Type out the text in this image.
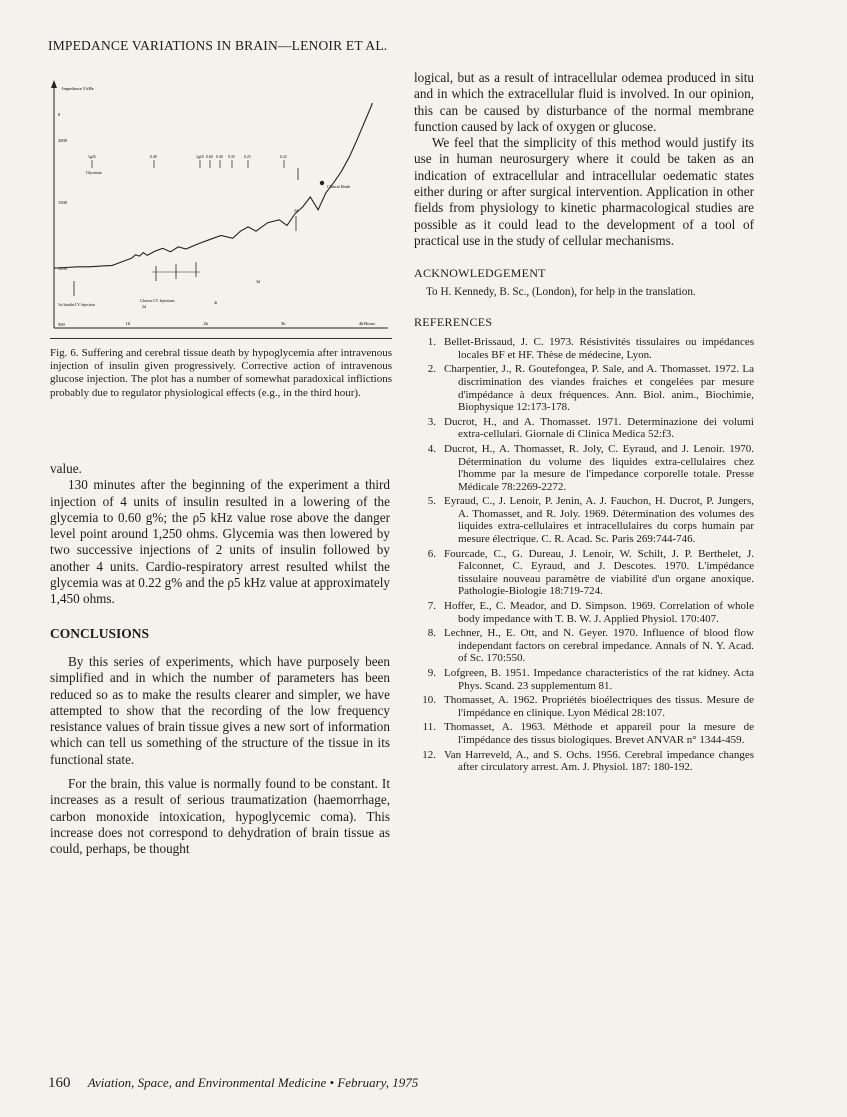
IMPEDANCE VARIATIONS IN BRAIN—LENOIR ET AL.
Impedance 5 kHz
0
2000
1500
1000
500	1h	2h	3h	4h Hours
Glycemia
1g45	0.40	1g20 0.60 0.40 0.35 0.25	0.22
Clinical Death
1st Insulin I.V. Injection
Glucose I.V. Injections
2d
3d
4t
2d
Fig. 6. Suffering and cerebral tissue death by hypoglycemia after intravenous injection of insulin given progressively. Corrective action of intravenous glucose injection. The plot has a number of somewhat paradoxical inflictions probably due to regulator physiological effects (e.g., in the third hour).

value.

130 minutes after the beginning of the experiment a third injection of 4 units of insulin resulted in a lowering of the glycemia to 0.60 g%; the ρ5 kHz value rose above the danger level point around 1,250 ohms. Glycemia was then lowered by two successive injections of 2 units of insulin followed by another 4 units. Cardio-respiratory arrest resulted whilst the glycemia was at 0.22 g% and the ρ5 kHz value at approximately 1,450 ohms.

CONCLUSIONS

By this series of experiments, which have purposely been simplified and in which the number of parameters has been reduced so as to make the results clearer and simpler, we have attempted to show that the recording of the low frequency resistance values of brain tissue gives a new sort of information which can tell us something of the structure of the tissue in its functional state.

For the brain, this value is normally found to be constant. It increases as a result of serious traumatization (haemorrhage, carbon monoxide intoxication, hypoglycemic coma). This increase does not correspond to dehydration of brain tissue as could, perhaps, be thought

logical, but as a result of intracellular odemea produced in situ and in which the extracellular fluid is involved. In our opinion, this can be caused by disturbance of the normal membrane function caused by lack of oxygen or glucose.

We feel that the simplicity of this method would justify its use in human neurosurgery where it could be taken as an indication of extracellular and intracellular oedematic states either during or after surgical intervention. Application in other fields from physiology to kinetic pharmacological studies are possible as it could lead to the development of a tool of practical use in the study of cellular mechanisms.

ACKNOWLEDGEMENT
To H. Kennedy, B. Sc., (London), for help in the translation.
REFERENCES
1. Bellet-Brissaud, J. C. 1973. Résistivités tissulaires ou impédances locales BF et HF. Thèse de médecine, Lyon.
2. Charpentier, J., R. Goutefongea, P. Sale, and A. Thomasset. 1972. La discrimination des viandes fraiches et congelées par mesure d'impédance à deux fréquences. Ann. Biol. anim., Biochimie, Biophysique 12:173-178.
3. Ducrot, H., and A. Thomasset. 1971. Determinazione dei volumi extra-cellulari. Giornale di Clinica Medica 52:f3.
4. Ducrot, H., A. Thomasset, R. Joly, C. Eyraud, and J. Lenoir. 1970. Détermination du volume des liquides extra-cellulaires chez l'homme par la mesure de l'impedance corporelle totale. Presse Médicale 78:2269-2272.
5. Eyraud, C., J. Lenoir, P. Jenin, A. J. Fauchon, H. Ducrot, P. Jungers, A. Thomasset, and R. Joly. 1969. Détermination des volumes des liquides extra-cellulaires et intracellulaires du corps humain par mesure électrique. C. R. Acad. Sc. Paris 269:744-746.
6. Fourcade, C., G. Dureau, J. Lenoir, W. Schilt, J. P. Berthelet, J. Falconnet, C. Eyraud, and J. Descotes. 1970. L'impédance tissulaire nouveau paramètre de viabilité d'un organe anoxique. Pathologie-Biologie 18:719-724.
7. Hoffer, E., C. Meador, and D. Simpson. 1969. Correlation of whole body impedance with T. B. W. J. Applied Physiol. 170:407.
8. Lechner, H., E. Ott, and N. Geyer. 1970. Influence of blood flow independant factors on cerebral impedance. Annals of N. Y. Acad. of Sc. 170:550.
9. Lofgreen, B. 1951. Impedance characteristics of the rat kidney. Acta Phys. Scand. 23 supplementum 81.
10. Thomasset, A. 1962. Propriétés bioélectriques des tissus. Mesure de l'impédance en clinique. Lyon Médical 28:107.
11. Thomasset, A. 1963. Méthode et appareil pour la mesure de l'impédance des tissus biologiques. Brevet ANVAR n° 1344-459.
12. Van Harreveld, A., and S. Ochs. 1956. Cerebral impedance changes after circulatory arrest. Am. J. Physiol. 187: 180-192.
160 Aviation, Space, and Environmental Medicine • February, 1975
